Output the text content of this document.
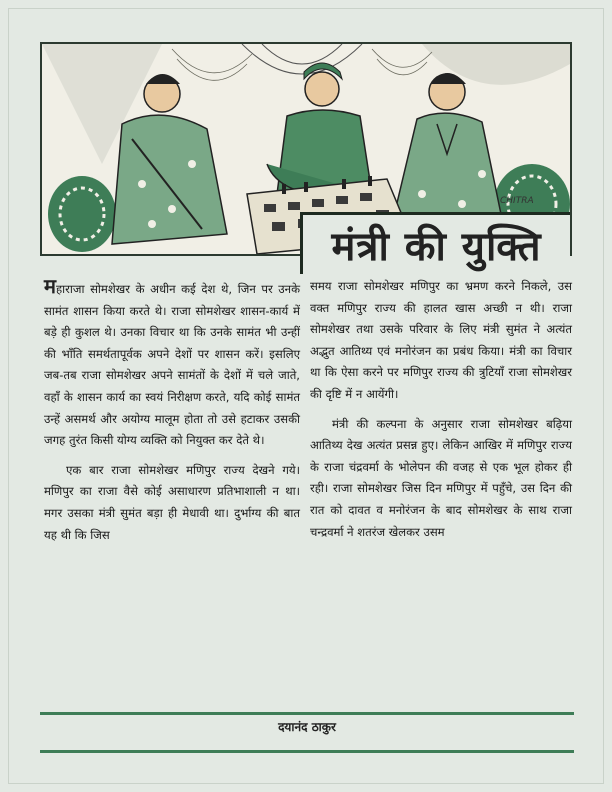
CHITRA
मंत्री की युक्ति

महाराजा सोमशेखर के अधीन कई देश थे, जिन पर उनके सामंत शासन किया करते थे। राजा सोमशेखर शासन-कार्य में बड़े ही कुशल थे। उनका विचार था कि उनके सामंत भी उन्हीं की भाँति समर्थतापूर्वक अपने देशों पर शासन करें। इसलिए जब-तब राजा सोमशेखर अपने सामंतों के देशों में चले जाते, वहाँ के शासन कार्य का स्वयं निरीक्षण करते, यदि कोई सामंत उन्हें असमर्थ और अयोग्य मालूम होता तो उसे हटाकर उसकी जगह तुरंत किसी योग्य व्यक्ति को नियुक्त कर देते थे।

एक बार राजा सोमशेखर मणिपुर राज्य देखने गये। मणिपुर का राजा वैसे कोई असाधारण प्रतिभाशाली न था। मगर उसका मंत्री सुमंत बड़ा ही मेधावी था। दुर्भाग्य की बात यह थी कि जिस

समय राजा सोमशेखर मणिपुर का भ्रमण करने निकले, उस वक्त मणिपुर राज्य की हालत खास अच्छी न थी। राजा सोमशेखर तथा उसके परिवार के लिए मंत्री सुमंत ने अत्यंत अद्भुत आतिथ्य एवं मनोरंजन का प्रबंध किया। मंत्री का विचार था कि ऐसा करने पर मणिपुर राज्य की त्रुटियाँ राजा सोमशेखर की दृष्टि में न आयेंगी।

मंत्री की कल्पना के अनुसार राजा सोमशेखर बढ़िया आतिथ्य देख अत्यंत प्रसन्न हुए। लेकिन आखिर में मणिपुर राज्य के राजा चंद्रवर्मा के भोलेपन की वजह से एक भूल होकर ही रही। राजा सोमशेखर जिस दिन मणिपुर में पहुँचे, उस दिन की रात को दावत व मनोरंजन के बाद सोमशेखर के साथ राजा चन्द्रवर्मा ने शतरंज खेलकर उसम

दयानंद ठाकुर
